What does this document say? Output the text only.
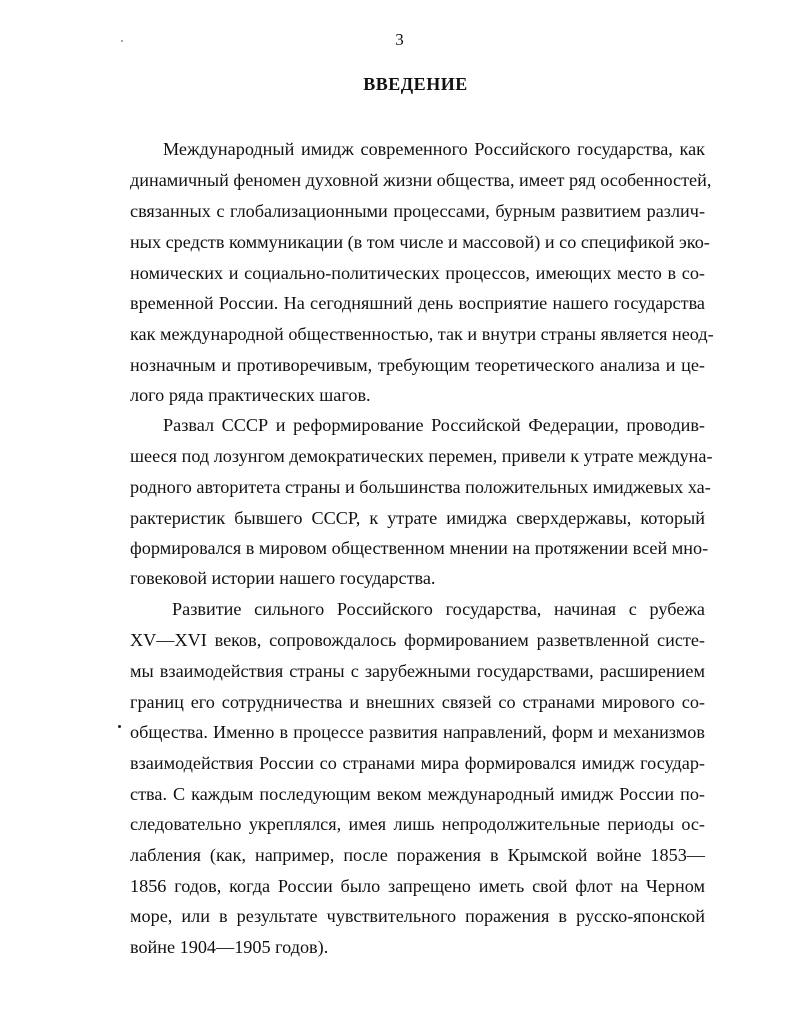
3
ВВЕДЕНИЕ
Международный имидж современного Российского государства, как
динамичный феномен духовной жизни общества, имеет ряд особенностей,
связанных с глобализационными процессами, бурным развитием различ-
ных средств коммуникации (в том числе и массовой) и со спецификой эко-
номических и социально-политических процессов, имеющих место в со-
временной России. На сегодняшний день восприятие нашего государства
как международной общественностью, так и внутри страны является неод-
нозначным и противоречивым, требующим теоретического анализа и це-
лого ряда практических шагов.
Развал СССР и реформирование Российской Федерации, проводив-
шееся под лозунгом демократических перемен, привели к утрате междуна-
родного авторитета страны и большинства положительных имиджевых ха-
рактеристик бывшего СССР, к утрате имиджа сверхдержавы, который
формировался в мировом общественном мнении на протяжении всей мно-
говековой истории нашего государства.
Развитие сильного Российского государства, начиная с рубежа
XV—XVI веков, сопровождалось формированием разветвленной систе-
мы взаимодействия страны с зарубежными государствами, расширением
границ его сотрудничества и внешних связей со странами мирового со-
общества. Именно в процессе развития направлений, форм и механизмов
взаимодействия России со странами мира формировался имидж государ-
ства. С каждым последующим веком международный имидж России по-
следовательно укреплялся, имея лишь непродолжительные периоды ос-
лабления (как, например, после поражения в Крымской войне 1853—
1856 годов, когда России было запрещено иметь свой флот на Черном
море, или в результате чувствительного поражения в русско-японской
войне 1904—1905 годов).
